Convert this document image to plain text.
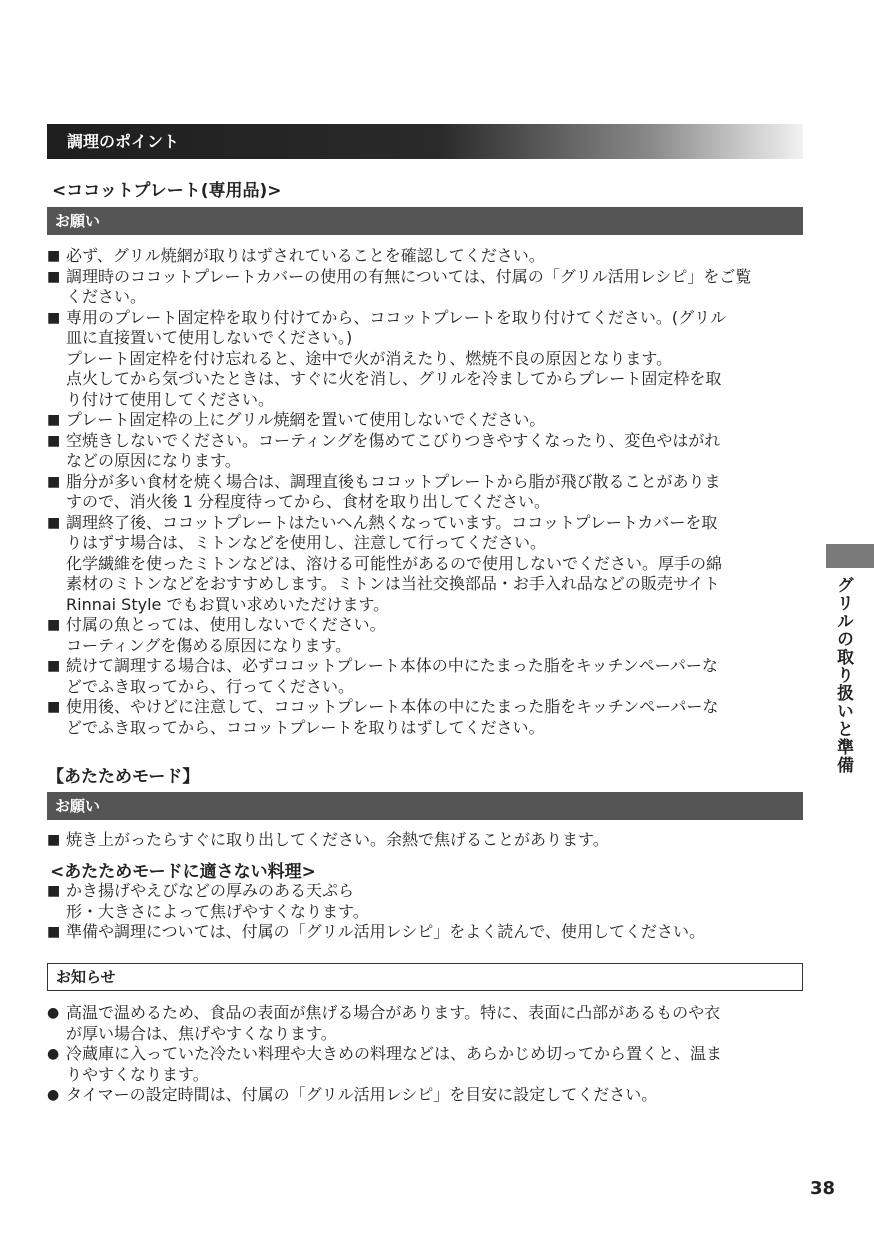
調理のポイント
<ココットプレート(専用品)>
お願い
■ 必ず、グリル焼網が取りはずされていることを確認してください。
■ 調理時のココットプレートカバーの使用の有無については、付属の「グリル活用レシピ」をご覧
ください。
■ 専用のプレート固定枠を取り付けてから、ココットプレートを取り付けてください。(グリル
皿に直接置いて使用しないでください。)
プレート固定枠を付け忘れると、途中で火が消えたり、燃焼不良の原因となります。
点火してから気づいたときは、すぐに火を消し、グリルを冷ましてからプレート固定枠を取
り付けて使用してください。
■ プレート固定枠の上にグリル焼網を置いて使用しないでください。
■ 空焼きしないでください。コーティングを傷めてこびりつきやすくなったり、変色やはがれ
などの原因になります。
■ 脂分が多い食材を焼く場合は、調理直後もココットプレートから脂が飛び散ることがありま
すので、消火後 1 分程度待ってから、食材を取り出してください。
■ 調理終了後、ココットプレートはたいへん熱くなっています。ココットプレートカバーを取
りはずす場合は、ミトンなどを使用し、注意して行ってください。
化学繊維を使ったミトンなどは、溶ける可能性があるので使用しないでください。厚手の綿
素材のミトンなどをおすすめします。ミトンは当社交換部品・お手入れ品などの販売サイト
Rinnai Style でもお買い求めいただけます。
■ 付属の魚とっては、使用しないでください。
コーティングを傷める原因になります。
■ 続けて調理する場合は、必ずココットプレート本体の中にたまった脂をキッチンペーパーな
どでふき取ってから、行ってください。
■ 使用後、やけどに注意して、ココットプレート本体の中にたまった脂をキッチンペーパーな
どでふき取ってから、ココットプレートを取りはずしてください。
【あたためモード】
お願い
■ 焼き上がったらすぐに取り出してください。余熱で焦げることがあります。
<あたためモードに適さない料理>
■ かき揚げやえびなどの厚みのある天ぷら
形・大きさによって焦げやすくなります。
■ 準備や調理については、付属の「グリル活用レシピ」をよく読んで、使用してください。
お知らせ
● 高温で温めるため、食品の表面が焦げる場合があります。特に、表面に凸部があるものや衣
が厚い場合は、焦げやすくなります。
● 冷蔵庫に入っていた冷たい料理や大きめの料理などは、あらかじめ切ってから置くと、温ま
りやすくなります。
● タイマーの設定時間は、付属の「グリル活用レシピ」を目安に設定してください。
グリルの取り扱いと準備
38
